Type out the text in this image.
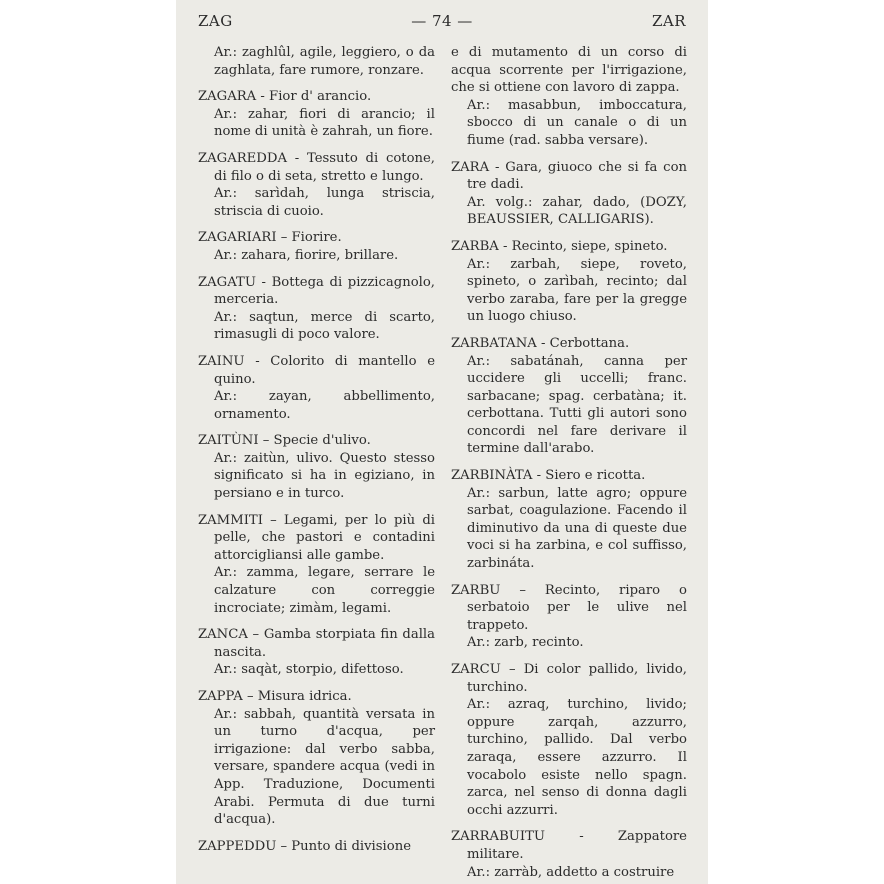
ZAG	— 74 —	ZAR

Ar.: zaghlûl, agile, leggiero, o da zaghlata, fare rumore, ronzare.

ZAGARA - Fior d' arancio.

Ar.: zahar, fiori di arancio; il nome di unità è zahrah, un fiore.

ZAGAREDDA - Tessuto di cotone, di filo o di seta, stretto e lungo.

Ar.: sarìdah, lunga striscia, striscia di cuoio.

ZAGARIARI – Fiorire.

Ar.: zahara, fiorire, brillare.

ZAGATU - Bottega di pizzicagnolo, merceria.

Ar.: saqtun, merce di scarto, rimasugli di poco valore.

ZAINU - Colorito di mantello e quino.

Ar.: zayan, abbellimento, ornamento.

ZAITÙNI – Specie d'ulivo.

Ar.: zaitùn, ulivo. Questo stesso significato si ha in egiziano, in persiano e in turco.

ZAMMITI – Legami, per lo più di pelle, che pastori e contadini attorcigliansi alle gambe.

Ar.: zamma, legare, serrare le calzature con correggie incrociate; zimàm, legami.

ZANCA – Gamba storpiata fin dalla nascita.

Ar.: saqàt, storpio, difettoso.

ZAPPA – Misura idrica.

Ar.: sabbah, quantità versata in un turno d'acqua, per irrigazione: dal verbo sabba, versare, spandere acqua (vedi in App. Traduzione, Documenti Arabi. Permuta di due turni d'acqua).

ZAPPEDDU – Punto di divisione

e di mutamento di un corso di acqua scorrente per l'irrigazione, che si ottiene con lavoro di zappa.

Ar.: masabbun, imboccatura, sbocco di un canale o di un fiume (rad. sabba versare).

ZARA - Gara, giuoco che si fa con tre dadi.

Ar. volg.: zahar, dado, (DOZY, BEAUSSIER, CALLIGARIS).

ZARBA - Recinto, siepe, spineto.

Ar.: zarbah, siepe, roveto, spineto, o zarìbah, recinto; dal verbo zaraba, fare per la gregge un luogo chiuso.

ZARBATANA - Cerbottana.

Ar.: sabatánah, canna per uccidere gli uccelli; franc. sarbacane; spag. cerbatàna; it. cerbottana. Tutti gli autori sono concordi nel fare derivare il termine dall'arabo.

ZARBINÀTA - Siero e ricotta.

Ar.: sarbun, latte agro; oppure sarbat, coagulazione. Facendo il diminutivo da una di queste due voci si ha zarbina, e col suffisso, zarbináta.

ZARBU – Recinto, riparo o serbatoio per le ulive nel trappeto.

Ar.: zarb, recinto.

ZARCU – Di color pallido, livido, turchino.

Ar.: azraq, turchino, livido; oppure zarqah, azzurro, turchino, pallido. Dal verbo zaraqa, essere azzurro. Il vocabolo esiste nello spagn. zarca, nel senso di donna dagli occhi azzurri.

ZARRABUITU - Zappatore militare.

Ar.: zarràb, addetto a costruire
